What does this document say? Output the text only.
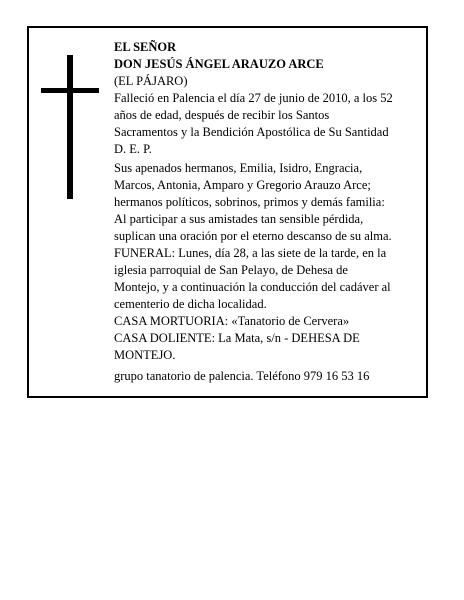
EL SEÑOR

DON JESÚS ÁNGEL ARAUZO ARCE

(EL PÁJARO)

Falleció en Palencia el día 27 de junio de 2010, a los 52

años de edad, después de recibir los Santos

Sacramentos y la Bendición Apostólica de Su Santidad

D. E. P.

Sus apenados hermanos, Emilia, Isidro, Engracia,

Marcos, Antonia, Amparo y Gregorio Arauzo Arce;

hermanos políticos, sobrinos, primos y demás familia:

Al participar a sus amistades tan sensible pérdida,

suplican una oración por el eterno descanso de su alma.

FUNERAL: Lunes, día 28, a las siete de la tarde, en la

iglesia parroquial de San Pelayo, de Dehesa de

Montejo, y a continuación la conducción del cadáver al

cementerio de dicha localidad.

CASA MORTUORIA: «Tanatorio de Cervera»

CASA DOLIENTE: La Mata, s/n - DEHESA DE

MONTEJO.

grupo tanatorio de palencia. Teléfono 979 16 53 16
